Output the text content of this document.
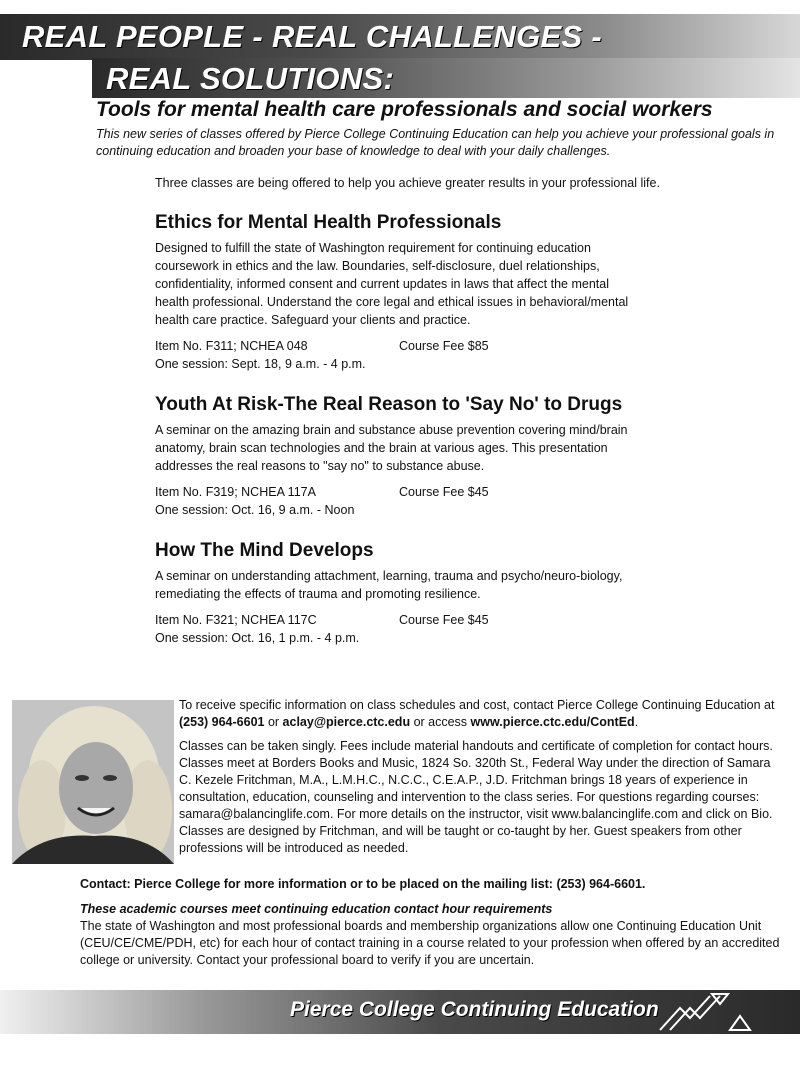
REAL PEOPLE - REAL CHALLENGES -
REAL SOLUTIONS:
Tools for mental health care professionals and social workers
This new series of classes offered by Pierce College Continuing Education can help you achieve your professional goals in continuing education and broaden your base of knowledge to deal with your daily challenges.
Three classes are being offered to help you achieve greater results in your professional life.
Ethics for Mental Health Professionals

Designed to fulfill the state of Washington requirement for continuing education coursework in ethics and the law. Boundaries, self-disclosure, duel relationships, confidentiality, informed consent and current updates in laws that affect the mental health professional. Understand the core legal and ethical issues in behavioral/mental health care practice. Safeguard your clients and practice.

Item No. F311; NCHEA 048	Course Fee $85
One session: Sept. 18, 9 a.m. - 4 p.m.
Youth At Risk-The Real Reason to 'Say No' to Drugs

A seminar on the amazing brain and substance abuse prevention covering mind/brain anatomy, brain scan technologies and the brain at various ages. This presentation addresses the real reasons to "say no" to substance abuse.

Item No. F319; NCHEA 117A	Course Fee $45
One session: Oct. 16, 9 a.m. - Noon
How The Mind Develops

A seminar on understanding attachment, learning, trauma and psycho/neuro-biology, remediating the effects of trauma and promoting resilience.

Item No. F321; NCHEA 117C	Course Fee $45
One session: Oct. 16, 1 p.m. - 4 p.m.

To receive specific information on class schedules and cost, contact Pierce College Continuing Education at
(253) 964-6601 or aclay@pierce.ctc.edu or access www.pierce.ctc.edu/ContEd.

Classes can be taken singly. Fees include material handouts and certificate of completion for contact hours. Classes meet at Borders Books and Music, 1824 So. 320th St., Federal Way under the direction of Samara C. Kezele Fritchman, M.A., L.M.H.C., N.C.C., C.E.A.P., J.D. Fritchman brings 18 years of experience in consultation, education, counseling and intervention to the class series. For questions regarding courses: samara@balancinglife.com. For more details on the instructor, visit www.balancinglife.com and click on Bio. Classes are designed by Fritchman, and will be taught or co-taught by her. Guest speakers from other professions will be introduced as needed.

Contact: Pierce College for more information or to be placed on the mailing list: (253) 964-6601.
These academic courses meet continuing education contact hour requirements
The state of Washington and most professional boards and membership organizations allow one Continuing Education Unit (CEU/CE/CME/PDH, etc) for each hour of contact training in a course related to your profession when offered by an accredited college or university. Contact your professional board to verify if you are uncertain.
Pierce College Continuing Education
